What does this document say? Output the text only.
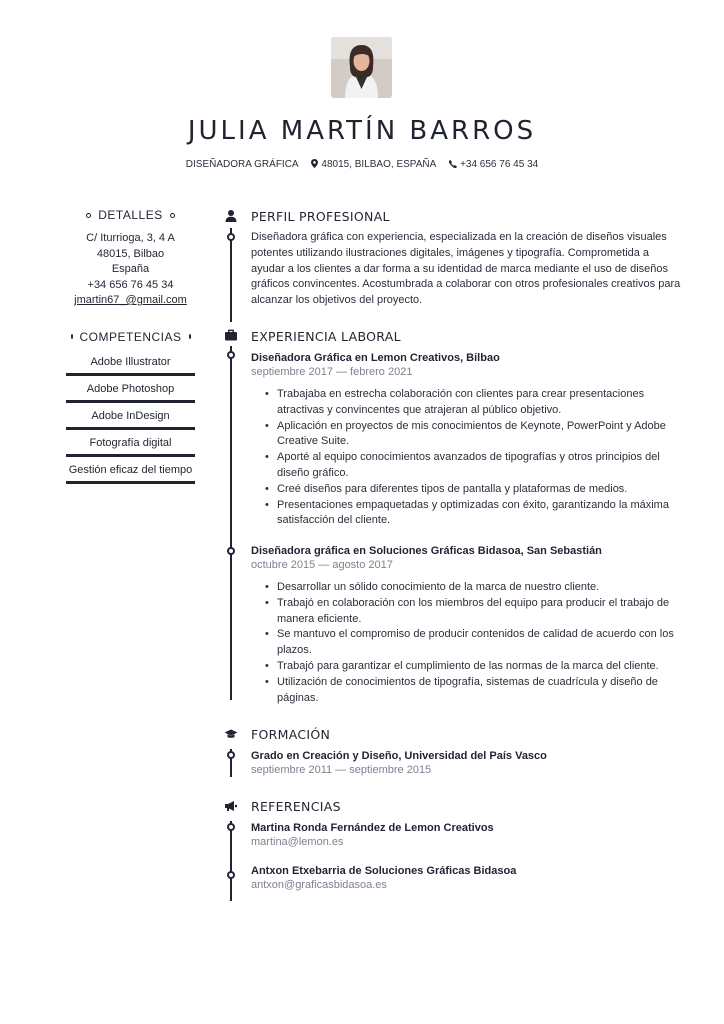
JULIA MARTÍN BARROS
DISEÑADORA GRÁFICA 48015, BILBAO, ESPAÑA +34 656 76 45 34
DETALLES
C/ Iturrioga, 3, 4 A
48015, Bilbao
España
+34 656 76 45 34
jmartin67_@gmail.com
COMPETENCIAS
Adobe Illustrator
Adobe Photoshop
Adobe InDesign
Fotografía digital
Gestión eficaz del tiempo
PERFIL PROFESIONAL
Diseñadora gráfica con experiencia, especializada en la creación de diseños visuales potentes utilizando ilustraciones digitales, imágenes y tipografía. Comprometida a ayudar a los clientes a dar forma a su identidad de marca mediante el uso de diseños gráficos convincentes. Acostumbrada a colaborar con otros profesionales creativos para alcanzar los objetivos del proyecto.
EXPERIENCIA LABORAL
Diseñadora Gráfica en Lemon Creativos, Bilbao
septiembre 2017 — febrero 2021
• Trabajaba en estrecha colaboración con clientes para crear presentaciones atractivas y convincentes que atrajeran al público objetivo.
• Aplicación en proyectos de mis conocimientos de Keynote, PowerPoint y Adobe Creative Suite.
• Aporté al equipo conocimientos avanzados de tipografías y otros principios del diseño gráfico.
• Creé diseños para diferentes tipos de pantalla y plataformas de medios.
• Presentaciones empaquetadas y optimizadas con éxito, garantizando la máxima satisfacción del cliente.
Diseñadora gráfica en Soluciones Gráficas Bidasoa, San Sebastián
octubre 2015 — agosto 2017
• Desarrollar un sólido conocimiento de la marca de nuestro cliente.
• Trabajó en colaboración con los miembros del equipo para producir el trabajo de manera eficiente.
• Se mantuvo el compromiso de producir contenidos de calidad de acuerdo con los plazos.
• Trabajó para garantizar el cumplimiento de las normas de la marca del cliente.
• Utilización de conocimientos de tipografía, sistemas de cuadrícula y diseño de páginas.
FORMACIÓN
Grado en Creación y Diseño, Universidad del País Vasco
septiembre 2011 — septiembre 2015
REFERENCIAS
Martina Ronda Fernández de Lemon Creativos
martina@lemon.es
Antxon Etxebarria de Soluciones Gráficas Bidasoa
antxon@graficasbidasoa.es
